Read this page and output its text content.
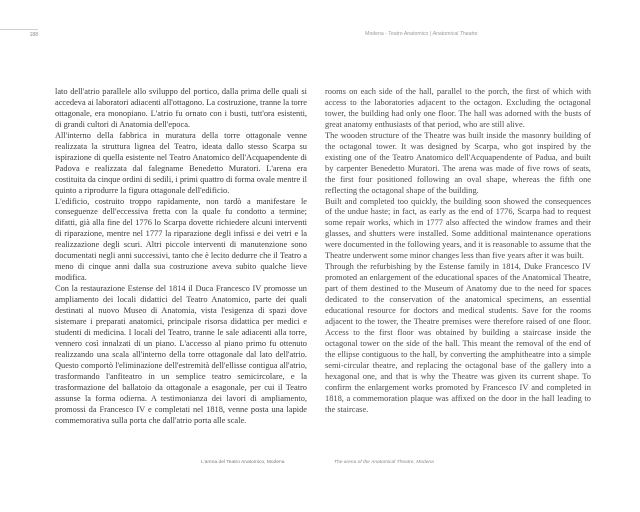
188	Modena - Teatro Anatomico | Anatomical Theatre

lato dell'atrio parallele allo sviluppo del portico, dalla prima delle quali si accedeva ai laboratori adiacenti all'ottagono. La costruzione, tranne la torre ottagonale, era monopiano. L'atrio fu ornato con i busti, tutt'ora esistenti, di grandi cultori di Anatomia dell'epoca.

All'interno della fabbrica in muratura della torre ottagonale venne realizzata la struttura lignea del Teatro, ideata dallo stesso Scarpa su ispirazione di quella esistente nel Teatro Anatomico dell'Acquapendente di Padova e realizzata dal falegname Benedetto Muratori. L'arena era costituita da cinque ordini di sedili, i primi quattro di forma ovale mentre il quinto a riprodurre la figura ottagonale dell'edificio.

L'edificio, costruito troppo rapidamente, non tardò a manifestare le conseguenze dell'eccessiva fretta con la quale fu condotto a termine; difatti, già alla fine del 1776 lo Scarpa dovette richiedere alcuni interventi di riparazione, mentre nel 1777 la riparazione degli infissi e dei vetri e la realizzazione degli scuri. Altri piccole interventi di manutenzione sono documentati negli anni successivi, tanto che è lecito dedurre che il Teatro a meno di cinque anni dalla sua costruzione aveva subito qualche lieve modifica.

Con la restaurazione Estense del 1814 il Duca Francesco IV promosse un ampliamento dei locali didattici del Teatro Anatomico, parte dei quali destinati al nuovo Museo di Anatomia, vista l'esigenza di spazi dove sistemare i preparati anatomici, principale risorsa didattica per medici e studenti di medicina. I locali del Teatro, tranne le sale adiacenti alla torre, vennero così innalzati di un piano. L'accesso al piano primo fu ottenuto realizzando una scala all'interno della torre ottagonale dal lato dell'atrio. Questo comportò l'eliminazione dell'estremità dell'ellisse contigua all'atrio, trasformando l'anfiteatro in un semplice teatro semicircolare, e la trasformazione del ballatoio da ottagonale a esagonale, per cui il Teatro assunse la forma odierna. A testimonianza dei lavori di ampliamento, promossi da Francesco IV e completati nel 1818, venne posta una lapide commemorativa sulla porta che dall'atrio porta alle scale.

rooms on each side of the hall, parallel to the porch, the first of which with access to the laboratories adjacent to the octagon. Excluding the octagonal tower, the building had only one floor. The hall was adorned with the busts of great anatomy enthusiasts of that period, who are still alive.

The wooden structure of the Theatre was built inside the masonry building of the octagonal tower. It was designed by Scarpa, who got inspired by the existing one of the Teatro Anatomico dell'Acquapendente of Padua, and built by carpenter Benedetto Muratori. The arena was made of five rows of seats, the first four positioned following an oval shape, whereas the fifth one reflecting the octagonal shape of the building.

Built and completed too quickly, the building soon showed the consequences of the undue haste; in fact, as early as the end of 1776, Scarpa had to request some repair works, which in 1777 also affected the window frames and their glasses, and shutters were installed. Some additional maintenance operations were documented in the following years, and it is reasonable to assume that the Theatre underwent some minor changes less than five years after it was built.

Through the refurbishing by the Estense family in 1814, Duke Francesco IV promoted an enlargement of the educational spaces of the Anatomical Theatre, part of them destined to the Museum of Anatomy due to the need for spaces dedicated to the conservation of the anatomical specimens, an essential educational resource for doctors and medical students. Save for the rooms adjacent to the tower, the Theatre premises were therefore raised of one floor. Access to the first floor was obtained by building a staircase inside the octagonal tower on the side of the hall. This meant the removal of the end of the ellipse contiguous to the hall, by converting the amphitheatre into a simple semi-circular theatre, and replacing the octagonal base of the gallery into a hexagonal one, and that is why the Theatre was given its current shape. To confirm the enlargement works promoted by Francesco IV and completed in 1818, a commemoration plaque was affixed on the door in the hall leading to the staircase.

L'arena del Teatro Anatomico, Modena	The arena of the Anatomical Theatre, Modena
